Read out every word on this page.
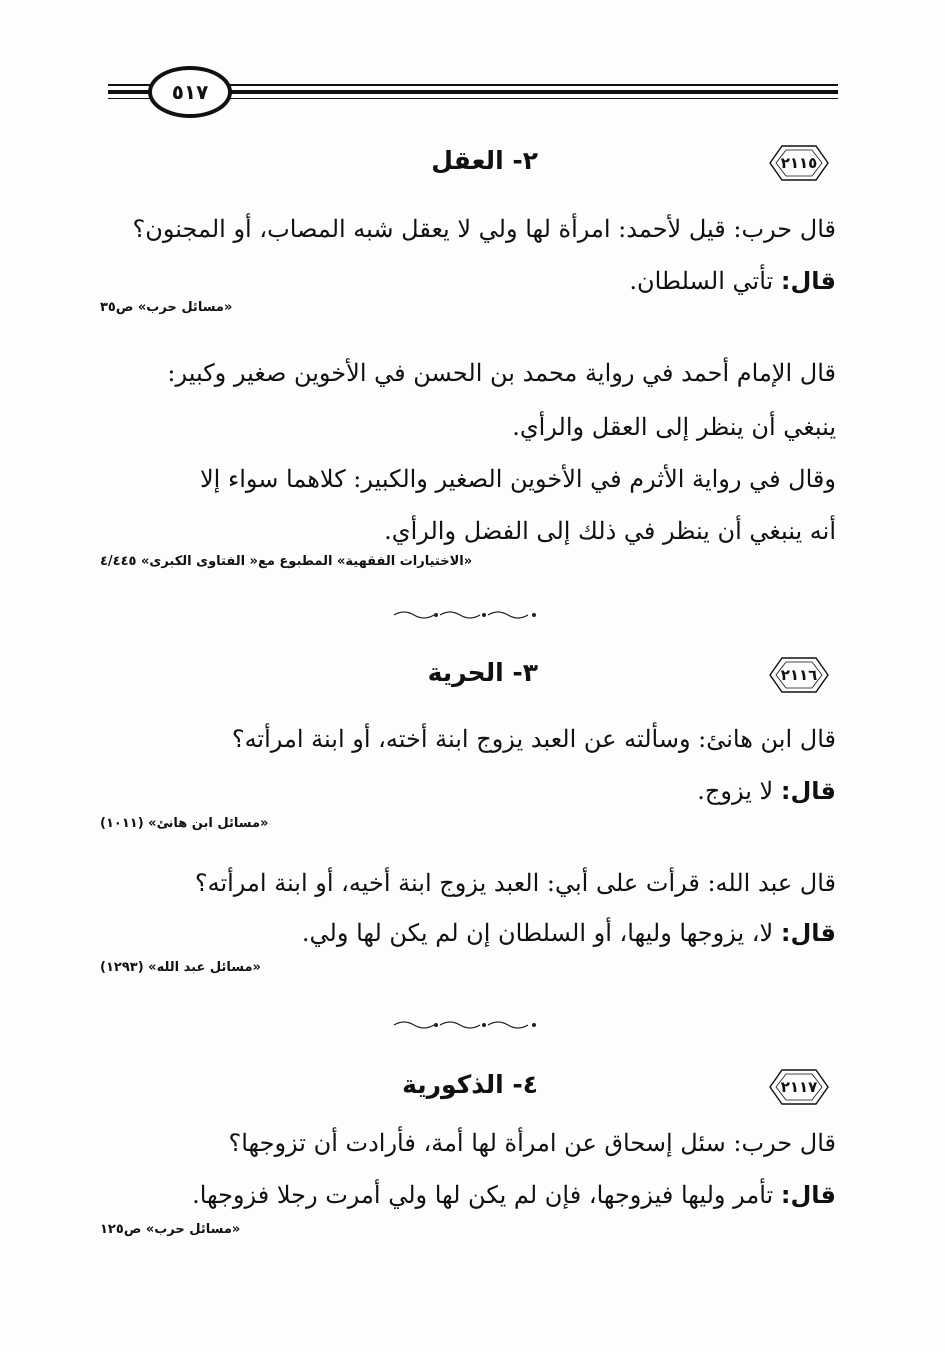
٥١٧
٢١١٥
٢- العقل
قال حرب: قيل لأحمد: امرأة لها ولي لا يعقل شبه المصاب، أو المجنون؟
قال: تأتي السلطان.
«مسائل حرب» ص٣٥
قال الإمام أحمد في رواية محمد بن الحسن في الأخوين صغير وكبير:
ينبغي أن ينظر إلى العقل والرأي.
وقال في رواية الأثرم في الأخوين الصغير والكبير: كلاهما سواء إلا
أنه ينبغي أن ينظر في ذلك إلى الفضل والرأي.
«الاختيارات الفقهية» المطبوع مع« الفتاوى الكبرى» ٤/٤٤٥
٢١١٦
٣- الحرية
قال ابن هانئ: وسألته عن العبد يزوج ابنة أخته، أو ابنة امرأته؟
قال: لا يزوج.
«مسائل ابن هانئ» (١٠١١)
قال عبد الله: قرأت على أبي: العبد يزوج ابنة أخيه، أو ابنة امرأته؟
قال: لا، يزوجها وليها، أو السلطان إن لم يكن لها ولي.
«مسائل عبد الله» (١٢٩٣)
٢١١٧
٤- الذكورية
قال حرب: سئل إسحاق عن امرأة لها أمة، فأرادت أن تزوجها؟
قال: تأمر وليها فيزوجها، فإن لم يكن لها ولي أمرت رجلا فزوجها.
«مسائل حرب» ص١٢٥
